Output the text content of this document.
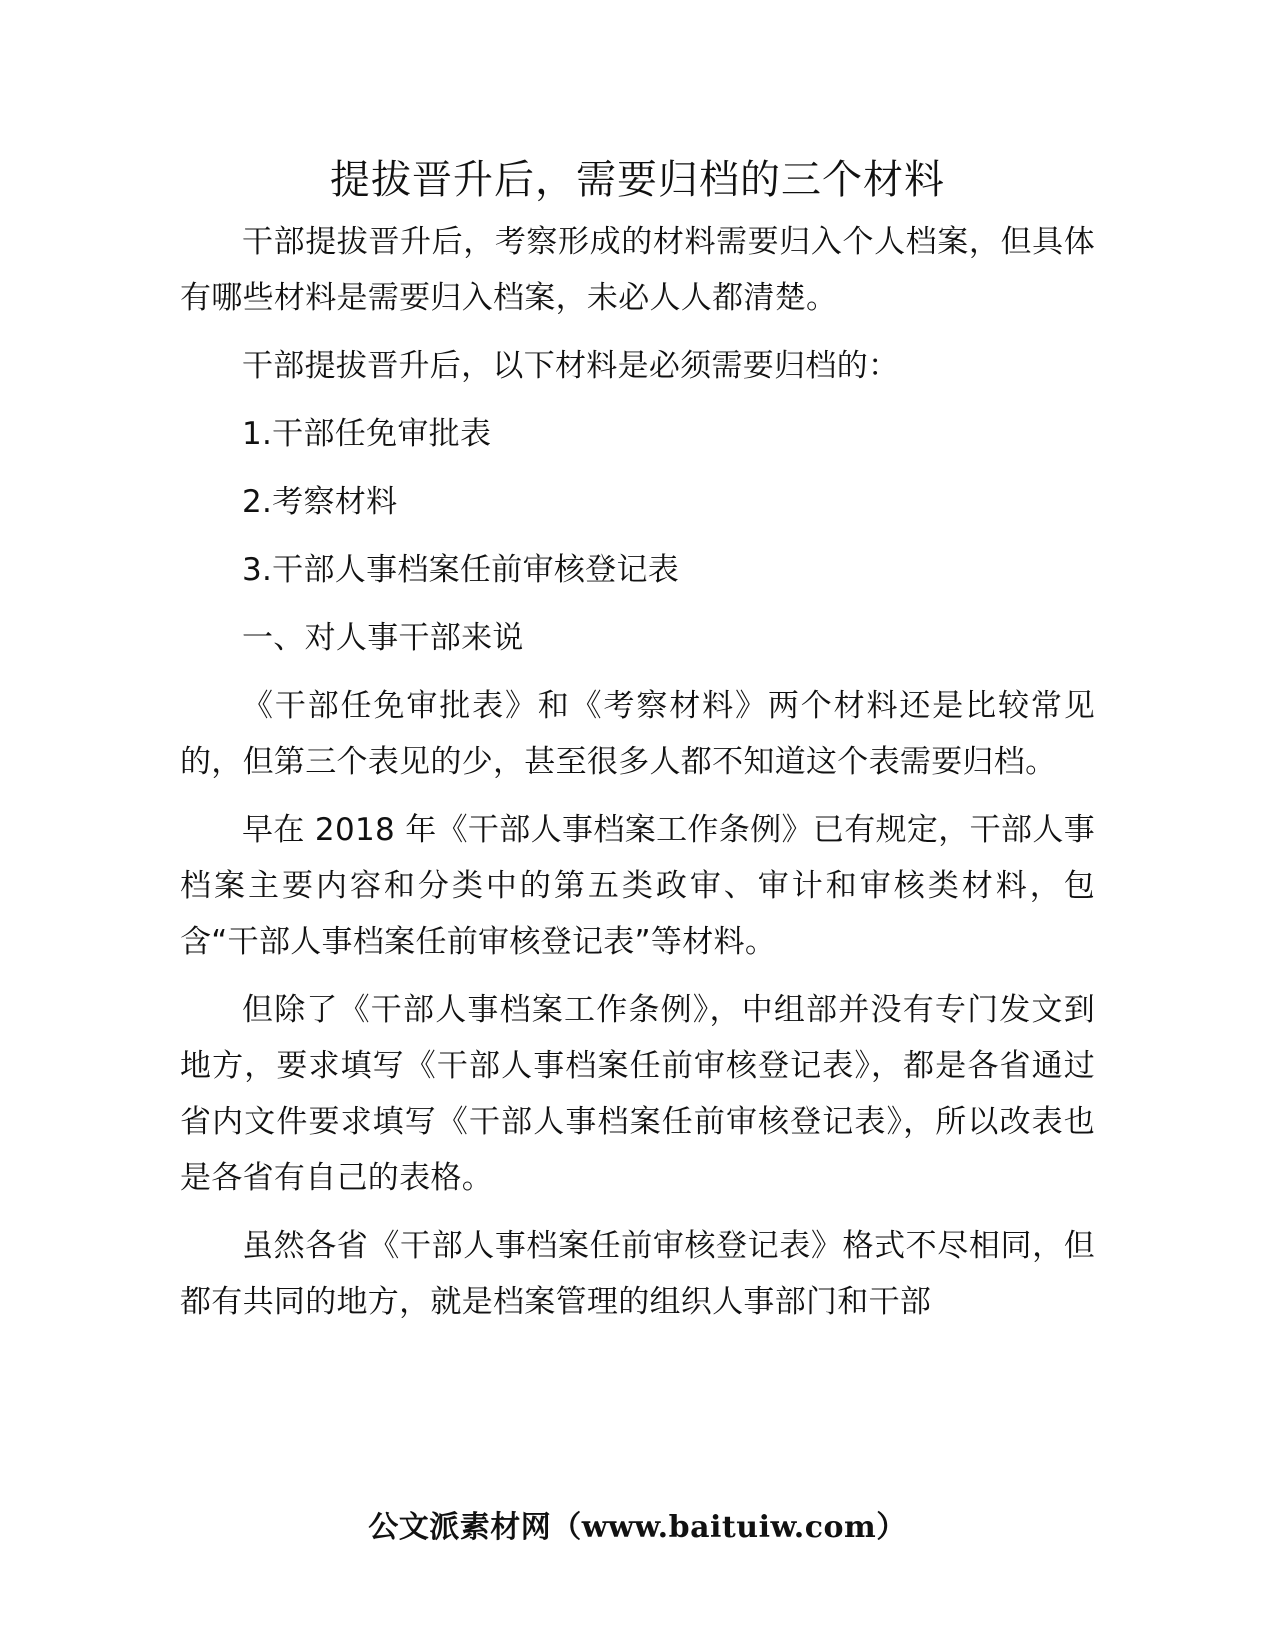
提拔晋升后，需要归档的三个材料

干部提拔晋升后，考察形成的材料需要归入个人档案，但具体有哪些材料是需要归入档案，未必人人都清楚。

干部提拔晋升后，以下材料是必须需要归档的：

1.干部任免审批表

2.考察材料

3.干部人事档案任前审核登记表

一、对人事干部来说

《干部任免审批表》和《考察材料》两个材料还是比较常见的，但第三个表见的少，甚至很多人都不知道这个表需要归档。

早在 2018 年《干部人事档案工作条例》已有规定，干部人事档案主要内容和分类中的第五类政审、审计和审核类材料，包含“干部人事档案任前审核登记表”等材料。

但除了《干部人事档案工作条例》，中组部并没有专门发文到地方，要求填写《干部人事档案任前审核登记表》，都是各省通过省内文件要求填写《干部人事档案任前审核登记表》，所以改表也是各省有自己的表格。

虽然各省《干部人事档案任前审核登记表》格式不尽相同，但都有共同的地方，就是档案管理的组织人事部门和干部

公文派素材网（www.baituiw.com）
